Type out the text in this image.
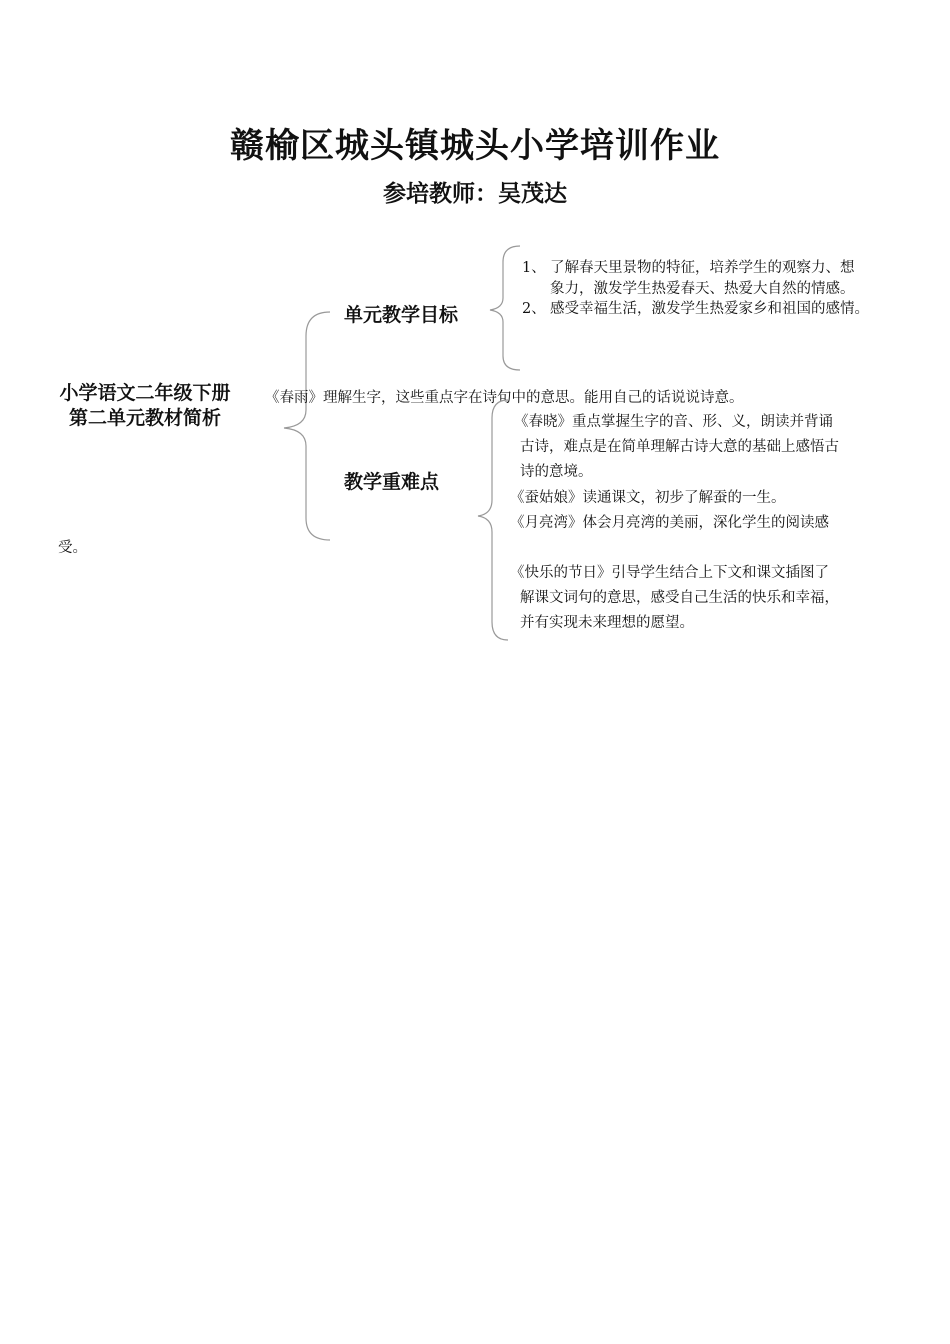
赣榆区城头镇城头小学培训作业
参培教师：吴茂达
小学语文二年级下册
第二单元教材简析
单元教学目标
1、 了解春天里景物的特征，培养学生的观察力、想
象力，激发学生热爱春天、热爱大自然的情感。
2、 感受幸福生活，激发学生热爱家乡和祖国的感情。
教学重难点
《春雨》理解生字，这些重点字在诗句中的意思。能用自己的话说说诗意。
《春晓》重点掌握生字的音、形、义，朗读并背诵
古诗，难点是在简单理解古诗大意的基础上感悟古
诗的意境。
《蚕姑娘》读通课文，初步了解蚕的一生。
《月亮湾》体会月亮湾的美丽，深化学生的阅读感
受。
《快乐的节日》引导学生结合上下文和课文插图了
解课文词句的意思，感受自己生活的快乐和幸福，
并有实现未来理想的愿望。
